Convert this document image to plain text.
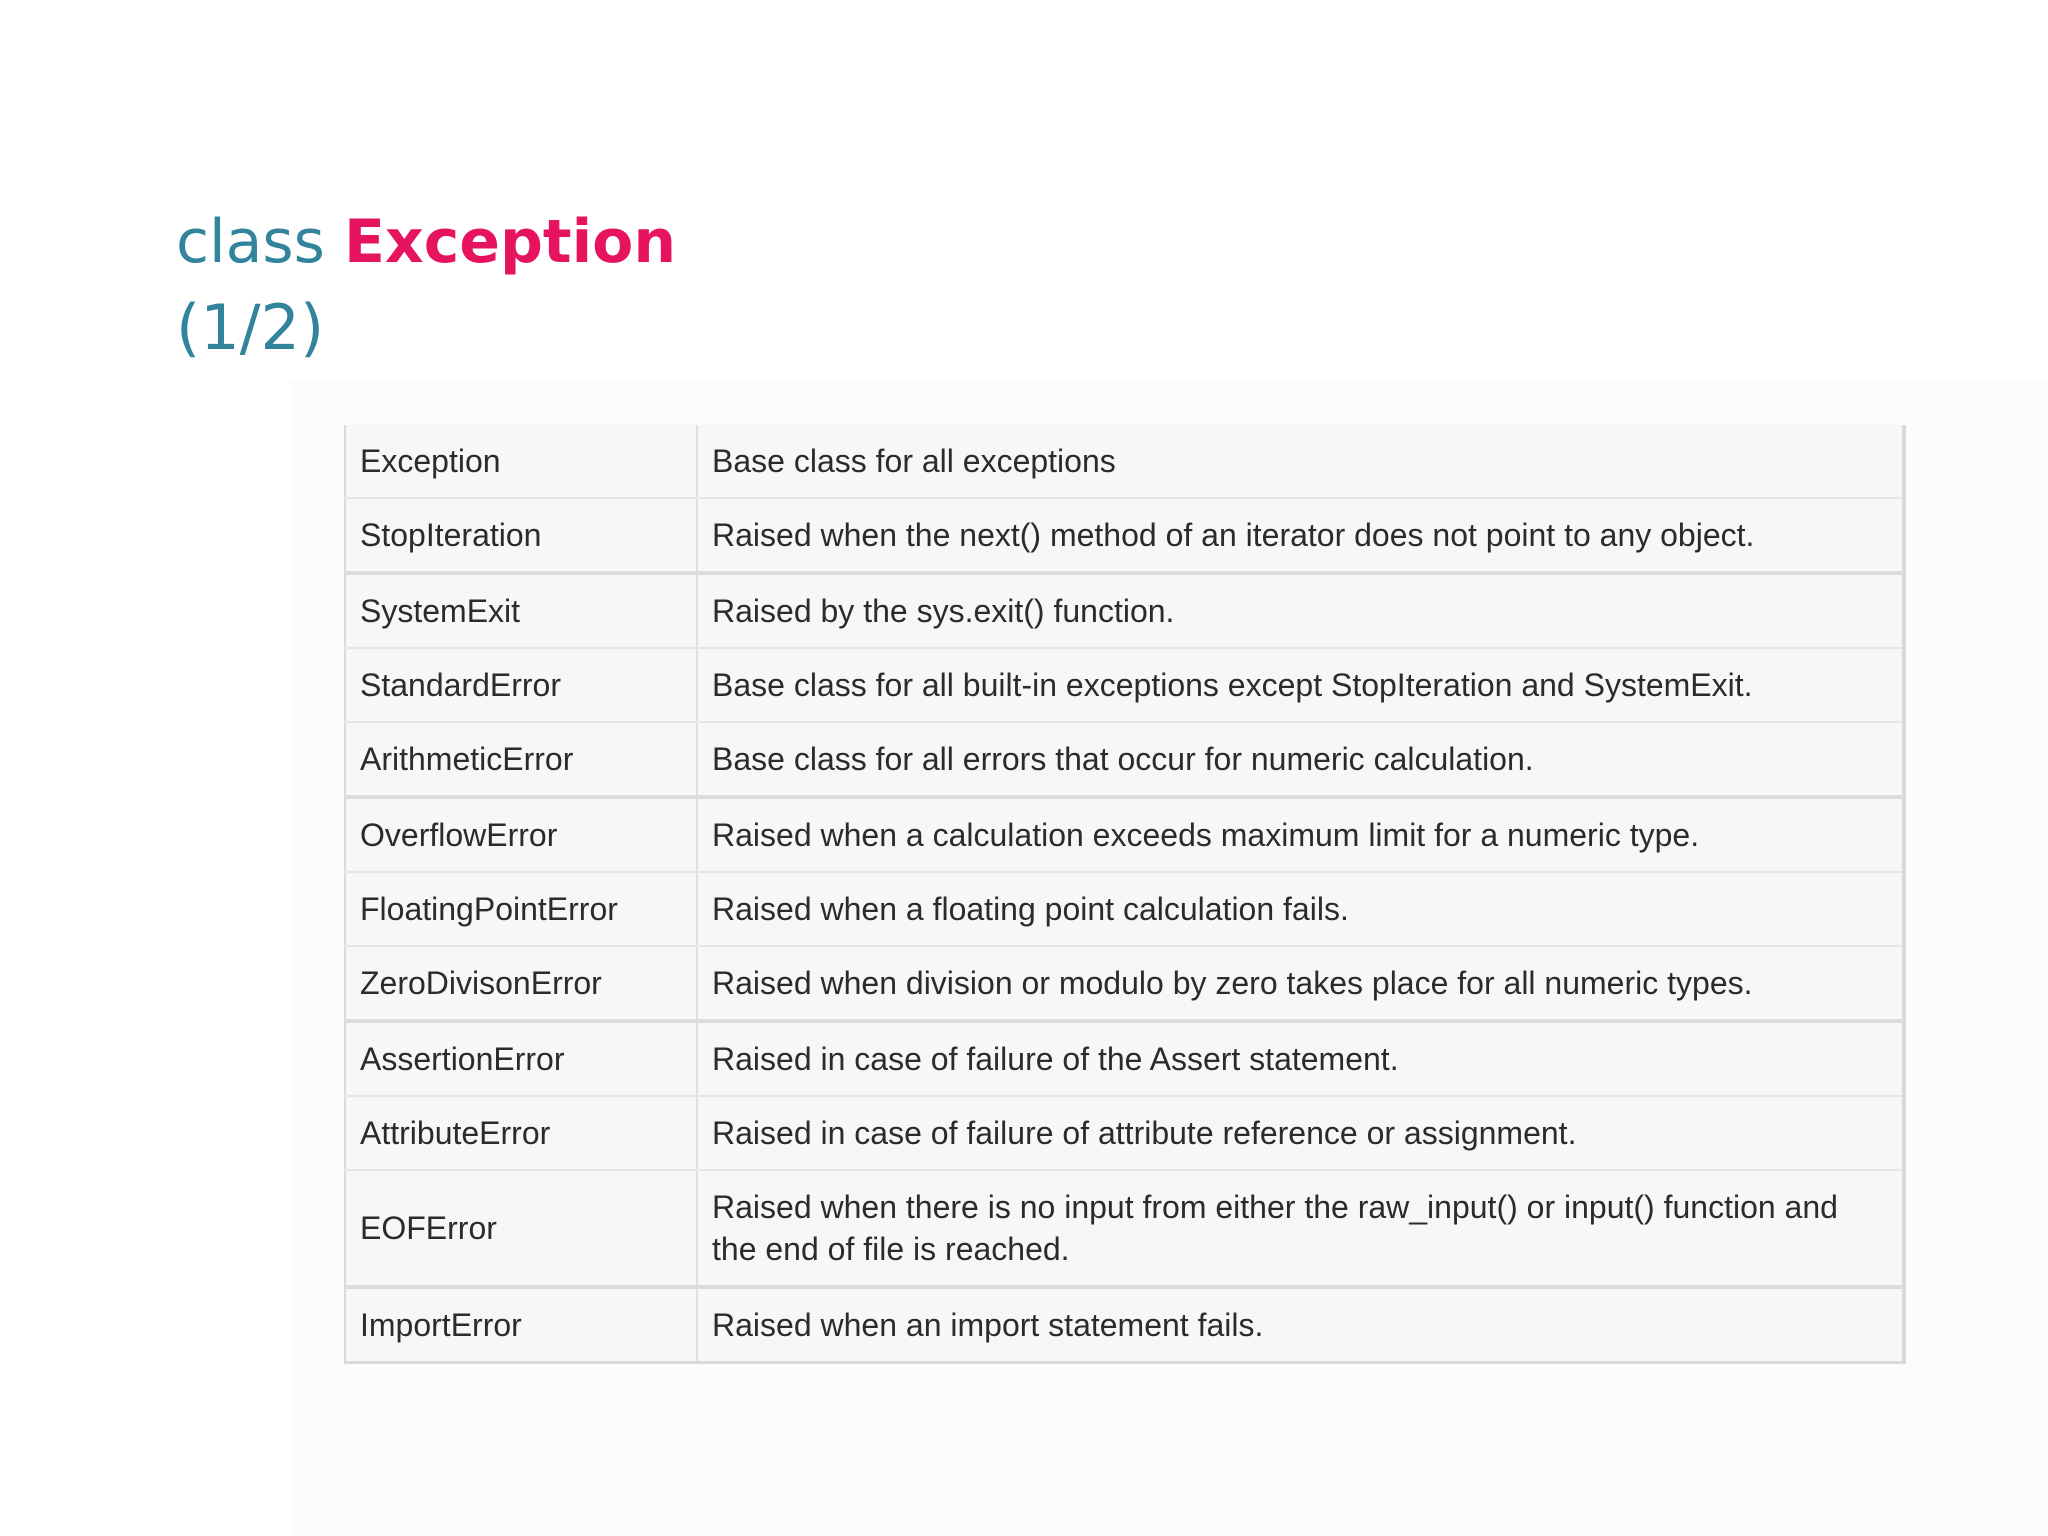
class Exception
(1/2)
Exception	Base class for all exceptions
StopIteration	Raised when the next() method of an iterator does not point to any object.
SystemExit	Raised by the sys.exit() function.
StandardError	Base class for all built-in exceptions except StopIteration and SystemExit.
ArithmeticError	Base class for all errors that occur for numeric calculation.
OverflowError	Raised when a calculation exceeds maximum limit for a numeric type.
FloatingPointError	Raised when a floating point calculation fails.
ZeroDivisonError	Raised when division or modulo by zero takes place for all numeric types.
AssertionError	Raised in case of failure of the Assert statement.
AttributeError	Raised in case of failure of attribute reference or assignment.
EOFError	Raised when there is no input from either the raw_input() or input() function and the end of file is reached.
ImportError	Raised when an import statement fails.
